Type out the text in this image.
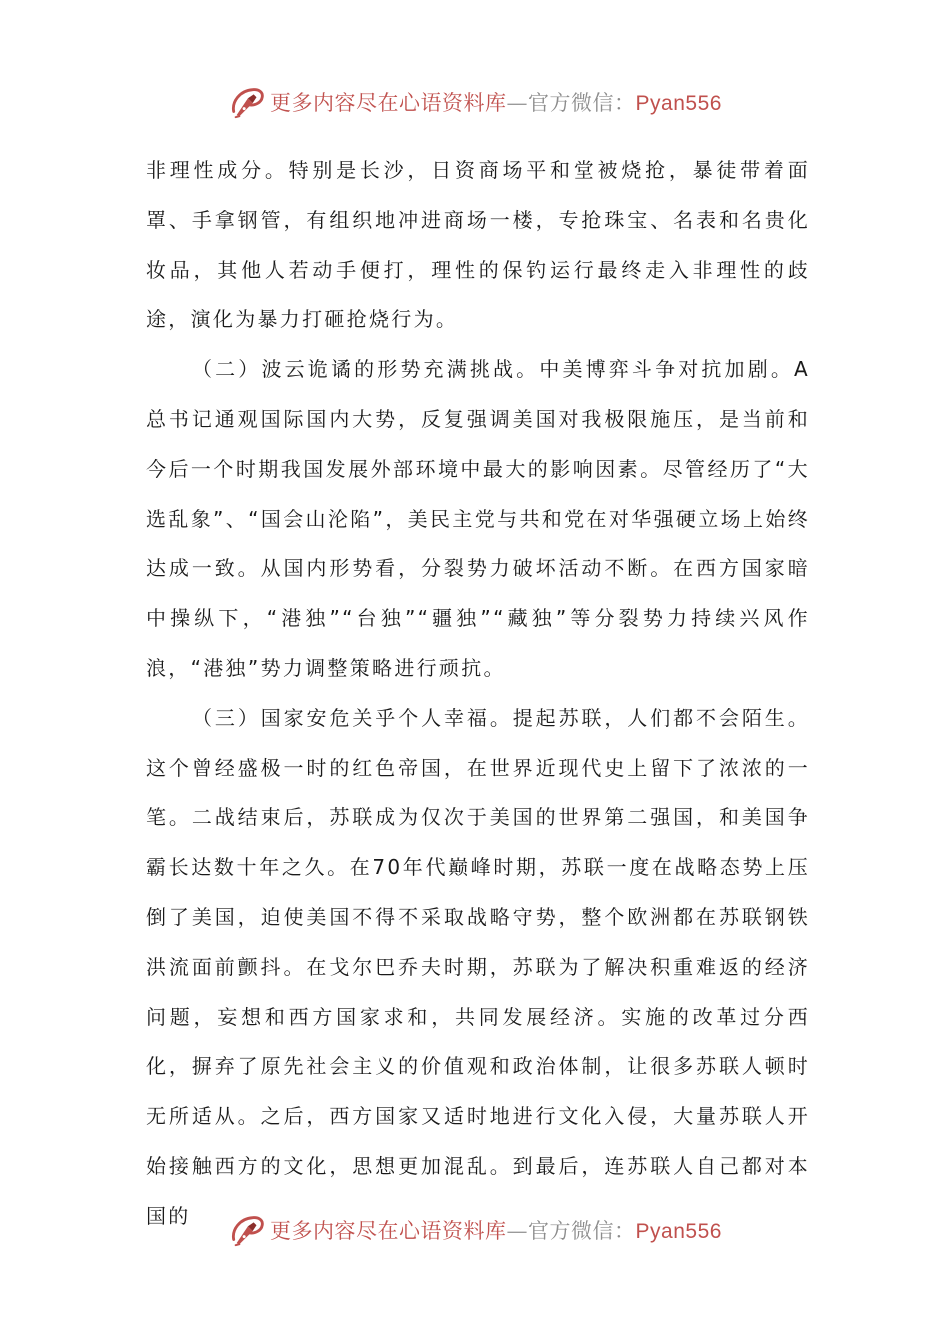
更多内容尽在心语资料库—官方微信：Pyan556

非理性成分。特别是长沙，日资商场平和堂被烧抢，暴徒带着面罩、手拿钢管，有组织地冲进商场一楼，专抢珠宝、名表和名贵化妆品，其他人若动手便打，理性的保钓运行最终走入非理性的歧途，演化为暴力打砸抢烧行为。

（二）波云诡谲的形势充满挑战。中美博弈斗争对抗加剧。A总书记通观国际国内大势，反复强调美国对我极限施压，是当前和今后一个时期我国发展外部环境中最大的影响因素。尽管经历了“大选乱象”、“国会山沦陷”，美民主党与共和党在对华强硬立场上始终达成一致。从国内形势看，分裂势力破坏活动不断。在西方国家暗中操纵下，“港独”“台独”“疆独”“藏独”等分裂势力持续兴风作浪，“港独”势力调整策略进行顽抗。

（三）国家安危关乎个人幸福。提起苏联，人们都不会陌生。这个曾经盛极一时的红色帝国，在世界近现代史上留下了浓浓的一笔。二战结束后，苏联成为仅次于美国的世界第二强国，和美国争霸长达数十年之久。在70年代巅峰时期，苏联一度在战略态势上压倒了美国，迫使美国不得不采取战略守势，整个欧洲都在苏联钢铁洪流面前颤抖。在戈尔巴乔夫时期，苏联为了解决积重难返的经济问题，妄想和西方国家求和，共同发展经济。实施的改革过分西化，摒弃了原先社会主义的价值观和政治体制，让很多苏联人顿时无所适从。之后，西方国家又适时地进行文化入侵，大量苏联人开始接触西方的文化，思想更加混乱。到最后，连苏联人自己都对本国的

更多内容尽在心语资料库—官方微信：Pyan556
